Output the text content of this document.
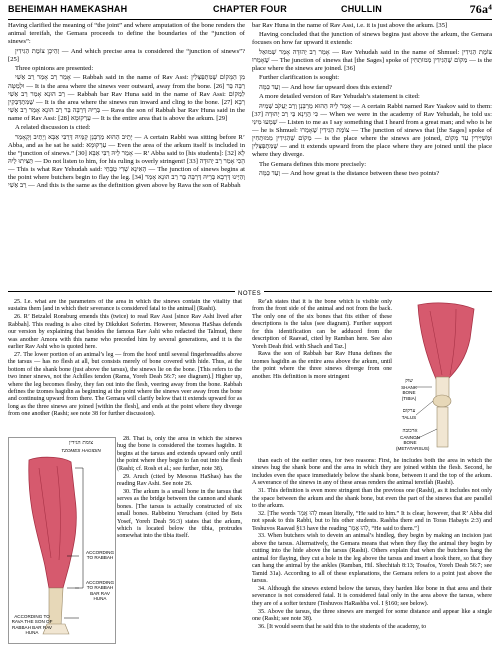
BEHEIMAH HAMEKASHAH	CHAPTER FOUR	CHULLIN	76a⁴

Having clarified the meaning of “the joint” and where amputation of the bone renders the animal tereifah, the Gemara proceeds to define the boundaries of the “junction of sinews”:

וְהֵיכָן צוֹמֶת הַגִּידִין — And which precise area is considered the “junction of sinews”? [25]

Three opinions are presented:

אָמַר רַב אָמַר רַב אַשִׁי — Rabbah said in the name of Rav Assi: מִן הַמָּקוֹם שֶׁמִּתְפַּצְּלִין וּלְמַטָּה — It is the area where the sinews veer outward, away from the bone. [26] רַבָּה בַּר רַב הוּנָא אָמַר רַב אַשִׁי — Rabbah bar Rav Huna said in the name of Rav Assi: לִמְקוֹם שֶׁמִּתְדַּבְּקִין — It is the area where the sinews run inward and cling to the bone. [27] רָבָא בְּרֵיהּ דְּרַבָּה בַּר רַב הוּנָא אָמַר רַב אַשִׁי — Rava the son of Rabbah bar Rav Huna said in the name of Rav Assi: [28] עַרְקוּמָא — It is the entire area that is above the arkum. [29]

A related discussion is cited:

יָתֵיב הַהוּא מֵרַבָּנָן קַמֵּיהּ דְּרַבִּי אַבָּא וְיָתֵיב וְקָאָמַר — A certain Rabbi was sitting before R’ Abba, and as he sat he said: עַרְקוּמָא — Even the area of the arkum itself is included in the “junction of sinews.” [30] אָמַר לֵיהּ רַבִּי אַבָּא — R’ Abba said to [his students]: [32] לָא תַּצִּיתוּ לֵיהּ — Do not listen to him, for his ruling is overly stringent! [33] הָכִי אָמַר רַב יְהוּדָה — This is what Rav Yehudah said: הָאִינָא שָׁרִי טַבָּחֵי — The junction of sinews begins at the point where butchers begin to flay the leg. [34] וְהַיְינוּ דְּרָבָא בְּרֵיהּ דְּרַבָּה בַּר רַב הוּנָא אָמַר רַב אַשִׁי — And this is the same as the definition given above by Rava the son of Rabbah

bar Rav Huna in the name of Rav Assi, i.e. it is just above the arkum. [35]

Having concluded that the junction of sinews begins just above the arkum, the Gemara focuses on how far upward it extends:

אָמַר רַב יְהוּדָה אָמַר שְׁמוּאֵל — Rav Yehudah said in the name of Shmuel: צוֹמֶת הַגִּידִין שֶׁאָמְרוּ — The junction of sinews that [the Sages] spoke of מְקוֹם שֶׁהַגִּידִין מְמוּתְחִין — is the place where the sinews are joined. [36]

Further clarification is sought:

וְעַד כַּמָּה — And how far upward does this extend?

A more detailed version of Rav Yehudah’s statement is cited:

אָמַר לֵיהּ הַהוּא מֵרַבָּנָן וְרַב יַעֲקֹב שְׁמֵיהּ — A certain Rabbi named Rav Yaakov said to them: [37] כִּי הֲוֵינָא בֵּי רַב יְהוּדָה — When we were in the academy of Rav Yehudah, he told us: שְׁמָעוּ מִינִּי — Listen to me as I say something that I heard from a great man; and who is he — he is Shmuel: צוֹמֶת הַגִּידִין שֶׁאָמְרוּ — The junction of sinews that [the Sages] spoke of מְקוֹם שֶׁהַגִּידִין מְמוּתְחִין — is the place where the sinews are joined, וּמְשַׁיְּירִין עַד מָקוֹם שֶׁמִּתְפַּצְּלִין — and it extends upward from the place where they are joined until the place where they diverge.

The Gemara defines this more precisely:

וְעַד כַּמָּה — And how great is the distance between these two points?

NOTES

25. I.e. what are the parameters of the area in which the sinews contain the vitality that sustains them [and in which their severance is considered fatal to the animal] (Rashi).

26. R’ Betzalel Ronsburg emends this (twice) to read Rav Assi [since Rav Ashi lived after Rabbah]. This reading is also cited by Dikdukei Soferim. However, Mesoras HaShas defends our version by explaining that besides the famous Rav Ashi who redacted the Talmud, there was another Amora with this name who preceded him by several generations, and it is the earlier Rav Ashi who is quoted here.

27. The lower portion of an animal’s leg — from the hoof until several fingerbreadths above the tarsus — has no flesh at all, but consists merely of bone covered with hide. Thus, at the bottom of the shank bone (just above the tarsus), the sinews lie on the bone. [This refers to the two inner sinews, not the Achilles tendon (Rama, Yoreh Deah 56:7; see diagram).] Higher up, where the leg becomes fleshy, they fan out into the flesh, veering away from the bone. Rabbah defines the tzomes hagidin as beginning at the point where the sinews veer away from the bone and continuing upward from there. The Gemara will clarify below that it extends upward for as long as the three sinews are joined [within the flesh], and ends at the point where they diverge from one another (Rashi; see note 38 for further discussion).

צומת הגידין
TZOMES HAGIDIN
ACCORDING TO RABBAH
ACCORDING TO RABBAH BAR RAV HUNA
ACCORDING TO RAVA THE SON OF RABBAH BAR RAV HUNA

28. That is, only the area in which the sinews hug the bone is considered the tzomes hagidin. It begins at the tarsus and extends upward only until the point where they begin to fan out into the flesh (Rashi; cf. Rosh et al.; see further, note 38).

29. Aruch (cited by Mesoras HaShas) has the reading Rav Ashi. See note 26.

30. The arkum is a small bone in the tarsus that serves as the bridge between the cannon and shank bones. [The tarsus is actually constructed of six small bones. Rabbeinu Yerucham (cited by Beis Yosef, Yoreh Deah 56:3) states that the arkum, which is located below the tibia, protrudes somewhat into the tibia itself.

Re’ah states that it is the bone which is visible only from the front side of the animal and not from the back. The only one of the six bones that fits either of these descriptions is the talus (see diagram). Further support for this identification can be adduced from the description of Raavad, cited by Ramban here. See also Yoreh Deah ibid. with Shach and Taz.]

Rava the son of Rabbah bar Rav Huna defines the tzomes hagidin as the entire area above the arkum, until the point where the three sinews diverge from one another. His definition is more stringent

שוק
SHANK BONE (TIBIA)
ערקום
TALUS
ארכובה
CANNON BONE (METATARSUS)

than each of the earlier ones, for two reasons: First, he includes both the area in which the sinews hug the shank bone and the area in which they are joined within the flesh. Second, he includes even the space immediately below the shank bone, between it and the top of the arkum. A severance of the sinews in any of these areas renders the animal tereifah (Rashi).

31. This definition is even more stringent than the previous one (Rashi), as it includes not only the space between the arkum and the shank bone, but even the part of the sinews that are parallel to the arkum.

32. [The words לְהוּ אֲמַר mean literally, “He said to him.” It is clear, however, that R’ Abba did not speak to this Rabbi, but to his other students. Rashba there and in Toras Habayis 2:3) and Teshuvos Raavad §13 have the reading לְהוּ אֲמַר, “He said to them.”]

33. When butchers wish to devein an animal’s hindleg, they begin by making an incision just above the tarsus. Alternatively, the Gemara means that when they flay the animal they begin by cutting into the hide above the tarsus (Rashi). Others explain that when the butchers hang the animal for flaying, they cut a hole in the leg above the tarsus and insert a hook there, so that they can hang the animal by the ankles (Ramban, Hil. Shechitah 8:13; Tosafos, Yoreh Deah 56:7; see Tamid 31a). According to all of these explanations, the Gemara refers to a point just above the tarsus.

34. Although the sinews extend below the tarsus, they harden like bone in that area and their severance is not considered fatal. It is considered fatal only in the area above the tarsus, where they are of a softer texture (Teshuvos HaRashba vol. I §160; see below).

35. Above the tarsus, the three sinews are merged for some distance and appear like a single one (Rashi; see note 38).

36. [It would seem that he said this to the students of the academy, to
